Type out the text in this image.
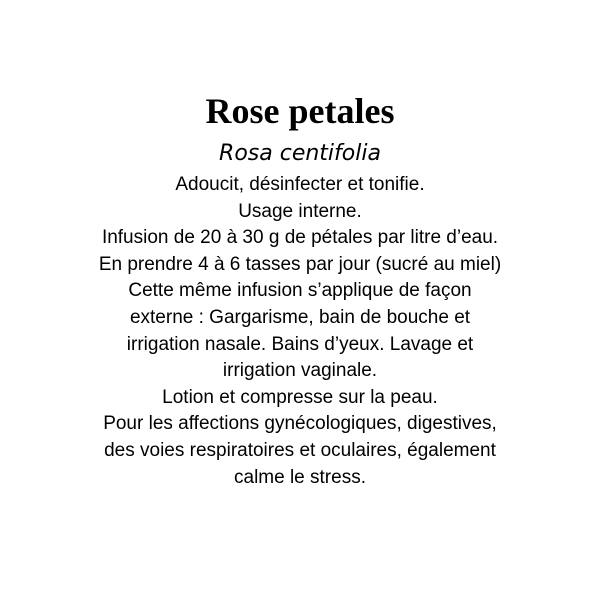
Rose petales

Rosa centifolia

Adoucit, désinfecter et tonifie.
Usage interne.
Infusion de 20 à 30 g de pétales par litre d’eau.
En prendre 4 à 6 tasses par jour (sucré au miel)
Cette même infusion s’applique de façon
externe : Gargarisme, bain de bouche et
irrigation nasale. Bains d’yeux. Lavage et
irrigation vaginale.
Lotion et compresse sur la peau.
Pour les affections gynécologiques, digestives,
des voies respiratoires et oculaires, également
calme le stress.
